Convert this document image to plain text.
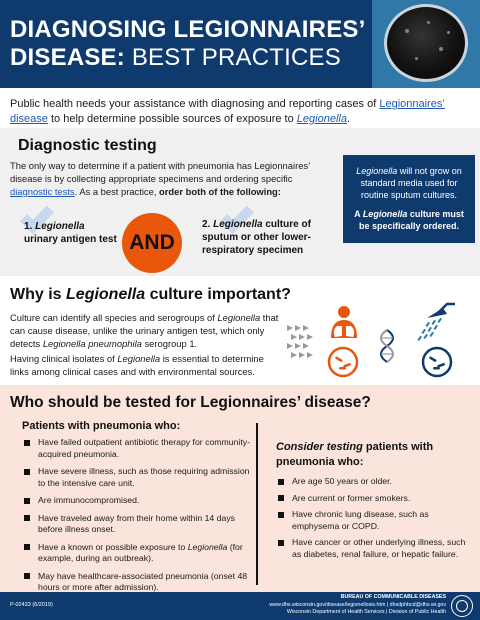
DIAGNOSING LEGIONNAIRES’
DISEASE: BEST PRACTICES
Public health needs your assistance with diagnosing and reporting cases of Legionnaires’ disease to help determine possible sources of exposure to Legionella.
Diagnostic testing
The only way to determine if a patient with pneumonia has Legionnaires’ disease is by collecting appropriate specimens and ordering specific diagnostic tests. As a best practice, order both of the following:
1. Legionella
urinary antigen test AND
2. Legionella culture of sputum or other lower-respiratory specimen
Legionella will not grow on standard media used for routine sputum cultures.
A Legionella culture must be specifically ordered.
Why is Legionella culture important?
Culture can identify all species and serogroups of Legionella that can cause disease, unlike the urinary antigen test, which only detects Legionella pneumophila serogroup 1.
Having clinical isolates of Legionella is essential to determine links among clinical cases and with environmental sources.
Who should be tested for Legionnaires’ disease?
Patients with pneumonia who:
Have failed outpatient antibiotic therapy for community-acquired pneumonia.
Have severe illness, such as those requiring admission to the intensive care unit.
Are immunocompromised.
Have traveled away from their home within 14 days before illness onset.
Have a known or possible exposure to Legionella (for example, during an outbreak).
May have healthcare-associated pneumonia (onset 48 hours or more after admission).
Consider testing patients with pneumonia who:
Are age 50 years or older.
Are current or former smokers.
Have chronic lung disease, such as emphysema or COPD.
Have cancer or other underlying illness, such as diabetes, renal failure, or hepatic failure.
P-02433 (6/2019)
BUREAU OF COMMUNICABLE DISEASES
www.dhs.wisconsin.gov/disease/legionellosis.htm | dhsdphbcd@dhs.wi.gov
Wisconsin Department of Health Services | Division of Public Health
